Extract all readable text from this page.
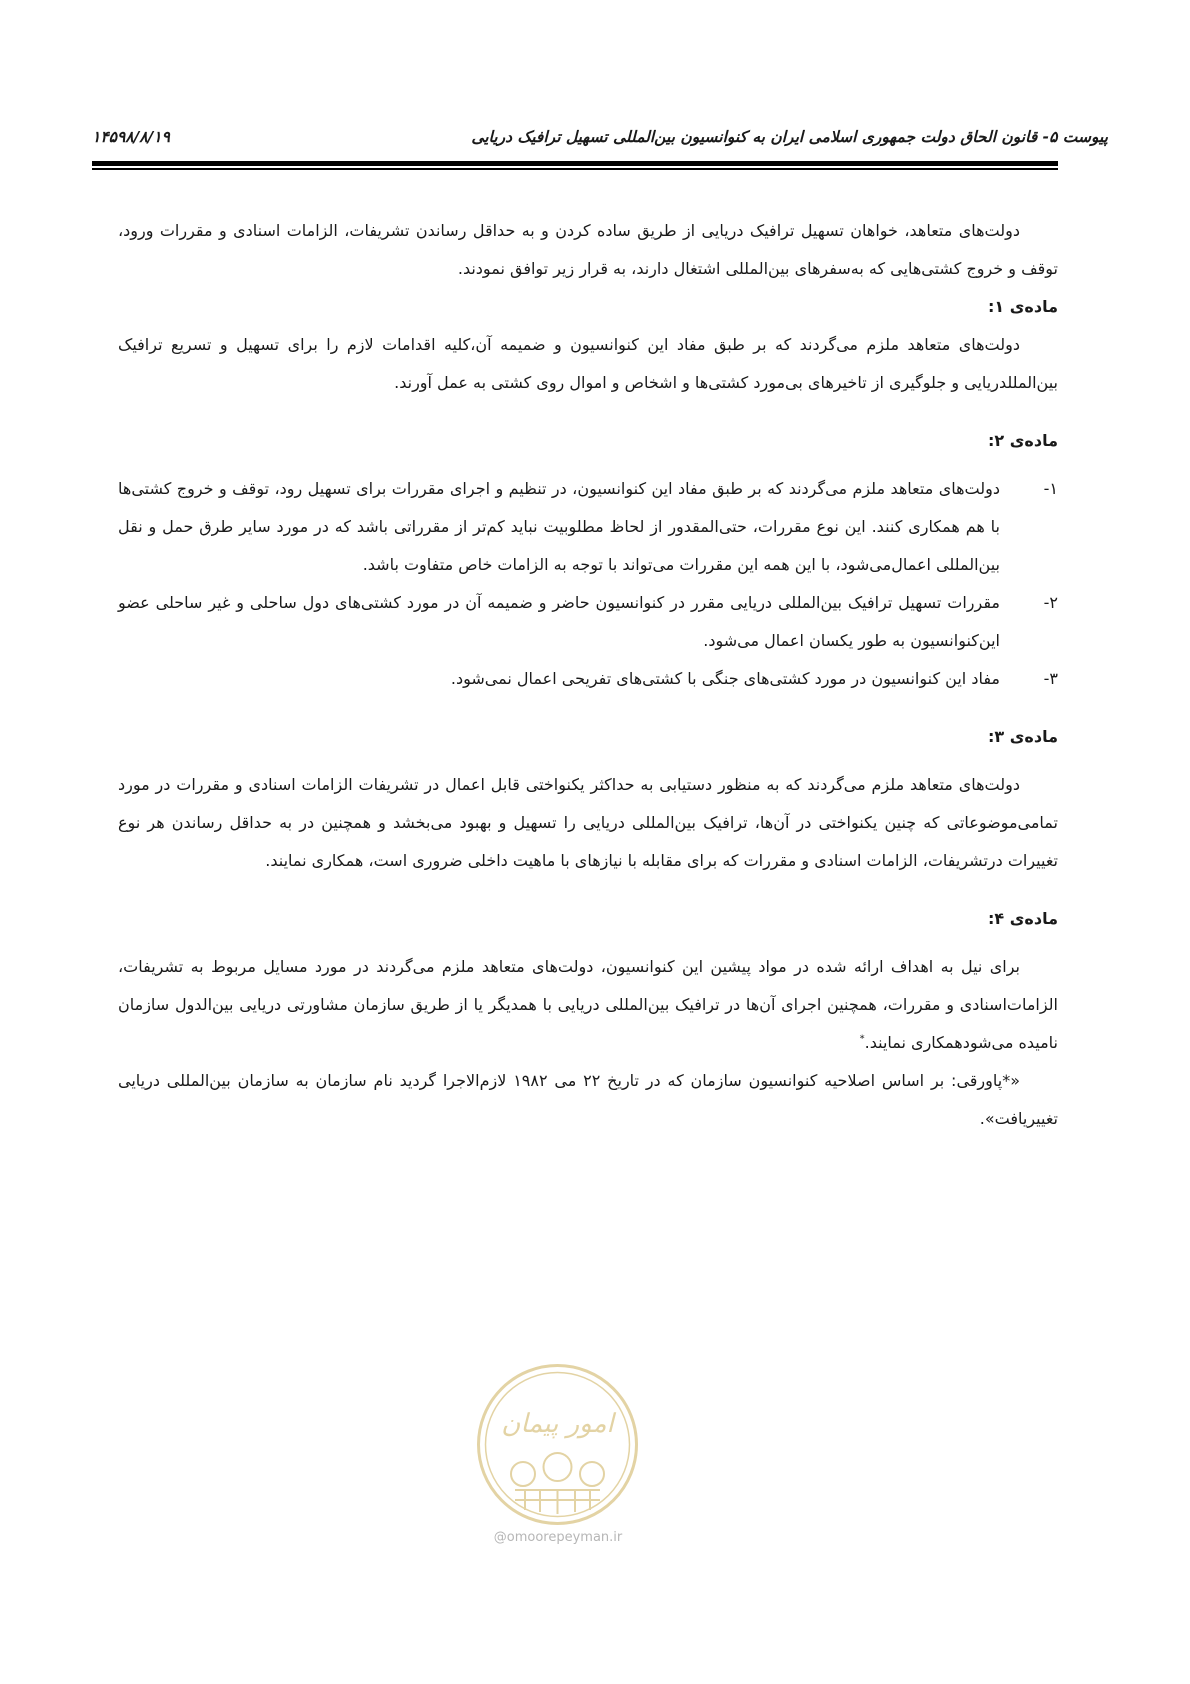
پیوست ۵- قانون الحاق دولت جمهوری اسلامی ایران به کنوانسیون بین‌المللی تسهیل ترافیک دریایی
۱۴۵۹۸/۸/۱۹

دولت‌های متعاهد، خواهان تسهیل ترافیک دریایی از طریق ساده کردن و به حداقل رساندن تشریفات، الزامات اسنادی و مقررات ورود، توقف و خروج کشتی‌هایی که به‌سفرهای بین‌المللی اشتغال دارند، به قرار زیر توافق نمودند.

ماده‌ی ۱:

دولت‌های متعاهد ملزم می‌گردند که بر طبق مفاد این کنوانسیون و ضمیمه آن،کلیه اقدامات لازم را برای تسهیل و تسریع ترافیک بین‌المللدریایی و جلوگیری از تاخیرهای بی‌مورد کشتی‌ها و اشخاص و اموال روی کشتی به عمل آورند.

ماده‌ی ۲:

۱-
دولت‌های متعاهد ملزم می‌گردند که بر طبق مفاد این کنوانسیون، در تنظیم و اجرای مقررات برای تسهیل رود، توقف و خروج کشتی‌ها با هم همکاری کنند. این نوع مقررات، حتی‌المقدور از لحاظ مطلوبیت نباید کم‌تر از مقرراتی باشد که در مورد سایر طرق حمل و نقل بین‌المللی اعمال‌می‌شود، با این همه این مقررات می‌تواند با توجه به الزامات خاص متفاوت باشد.
۲-
مقررات تسهیل ترافیک بین‌المللی دریایی مقرر در کنوانسیون حاضر و ضمیمه آن در مورد کشتی‌های دول ساحلی و غیر ساحلی عضو این‌کنوانسیون به طور یکسان اعمال می‌شود.
۳-
مفاد این کنوانسیون در مورد کشتی‌های جنگی با کشتی‌های تفریحی اعمال نمی‌شود.

ماده‌ی ۳:

دولت‌های متعاهد ملزم می‌گردند که به منظور دستیابی به حداکثر یکنواختی قابل اعمال در تشریفات الزامات اسنادی و مقررات در مورد تمامی‌موضوعاتی که چنین یکنواختی در آن‌ها، ترافیک بین‌المللی دریایی را تسهیل و بهبود می‌بخشد و همچنین در به حداقل رساندن هر نوع تغییرات درتشریفات، الزامات اسنادی و مقررات که برای مقابله با نیازهای با ماهیت داخلی ضروری است، همکاری نمایند.

ماده‌ی ۴:

برای نیل به اهداف ارائه شده در مواد پیشین این کنوانسیون، دولت‌های متعاهد ملزم می‌گردند در مورد مسایل مربوط به تشریفات، الزامات‌اسنادی و مقررات، همچنین اجرای آن‌ها در ترافیک بین‌المللی دریایی با همدیگر یا از طریق سازمان مشاورتی دریایی بین‌الدول سازمان نامیده می‌شودهمکاری نمایند.*

«*پاورقی: بر اساس اصلاحیه کنوانسیون سازمان که در تاریخ ۲۲ می ۱۹۸۲ لازم‌الاجرا گردید نام سازمان به سازمان بین‌المللی دریایی تغییریافت».

امور پیمان
@omoorepeyman.ir
